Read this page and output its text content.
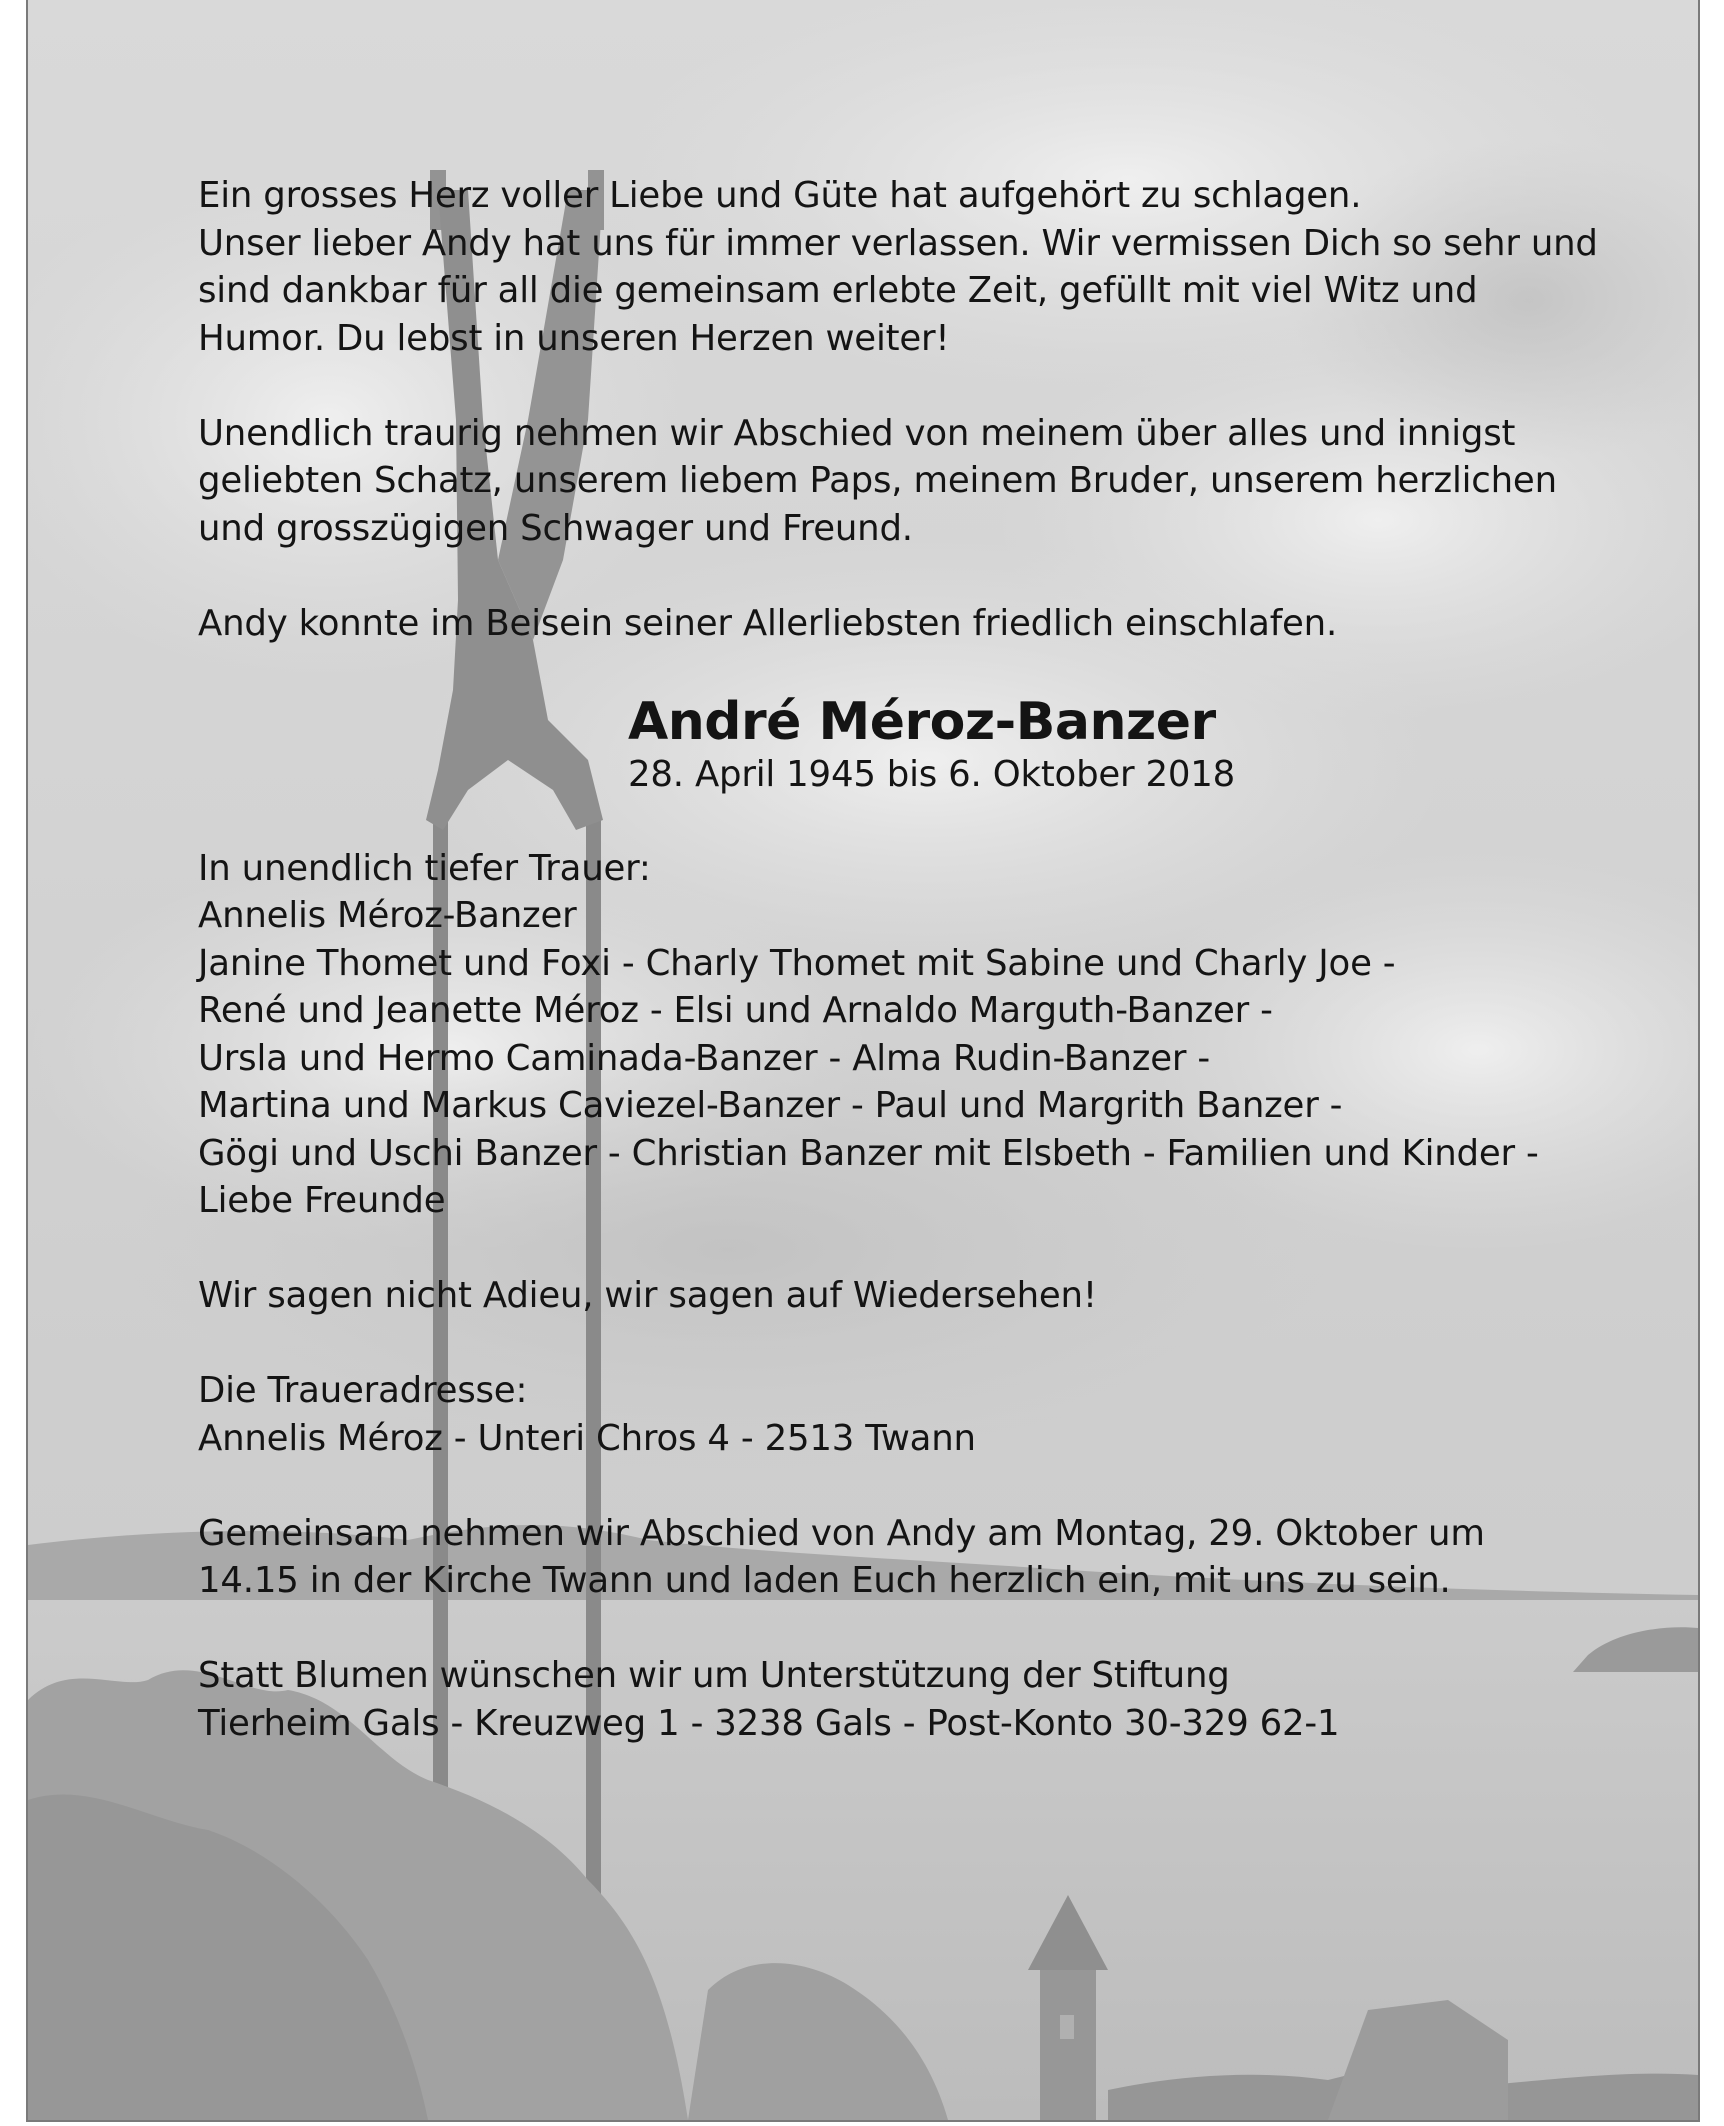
Ein grosses Herz voller Liebe und Güte hat aufgehört zu schlagen.
Unser lieber Andy hat uns für immer verlassen. Wir vermissen Dich so sehr und
sind dankbar für all die gemeinsam erlebte Zeit, gefüllt mit viel Witz und
Humor. Du lebst in unseren Herzen weiter!
Unendlich traurig nehmen wir Abschied von meinem über alles und innigst
geliebten Schatz, unserem liebem Paps, meinem Bruder, unserem herzlichen
und grosszügigen Schwager und Freund.
Andy konnte im Beisein seiner Allerliebsten friedlich einschlafen.
André Méroz-Banzer
28. April 1945 bis 6. Oktober 2018
In unendlich tiefer Trauer:
Annelis Méroz-Banzer
Janine Thomet und Foxi - Charly Thomet mit Sabine und Charly Joe -
René und Jeanette Méroz - Elsi und Arnaldo Marguth-Banzer -
Ursla und Hermo Caminada-Banzer - Alma Rudin-Banzer -
Martina und Markus Caviezel-Banzer - Paul und Margrith Banzer -
Gögi und Uschi Banzer - Christian Banzer mit Elsbeth - Familien und Kinder -
Liebe Freunde
Wir sagen nicht Adieu, wir sagen auf Wiedersehen!
Die Traueradresse:
Annelis Méroz - Unteri Chros 4 - 2513 Twann
Gemeinsam nehmen wir Abschied von Andy am Montag, 29. Oktober um
14.15 in der Kirche Twann und laden Euch herzlich ein, mit uns zu sein.
Statt Blumen wünschen wir um Unterstützung der Stiftung
Tierheim Gals - Kreuzweg 1 - 3238 Gals - Post-Konto 30-329 62-1
